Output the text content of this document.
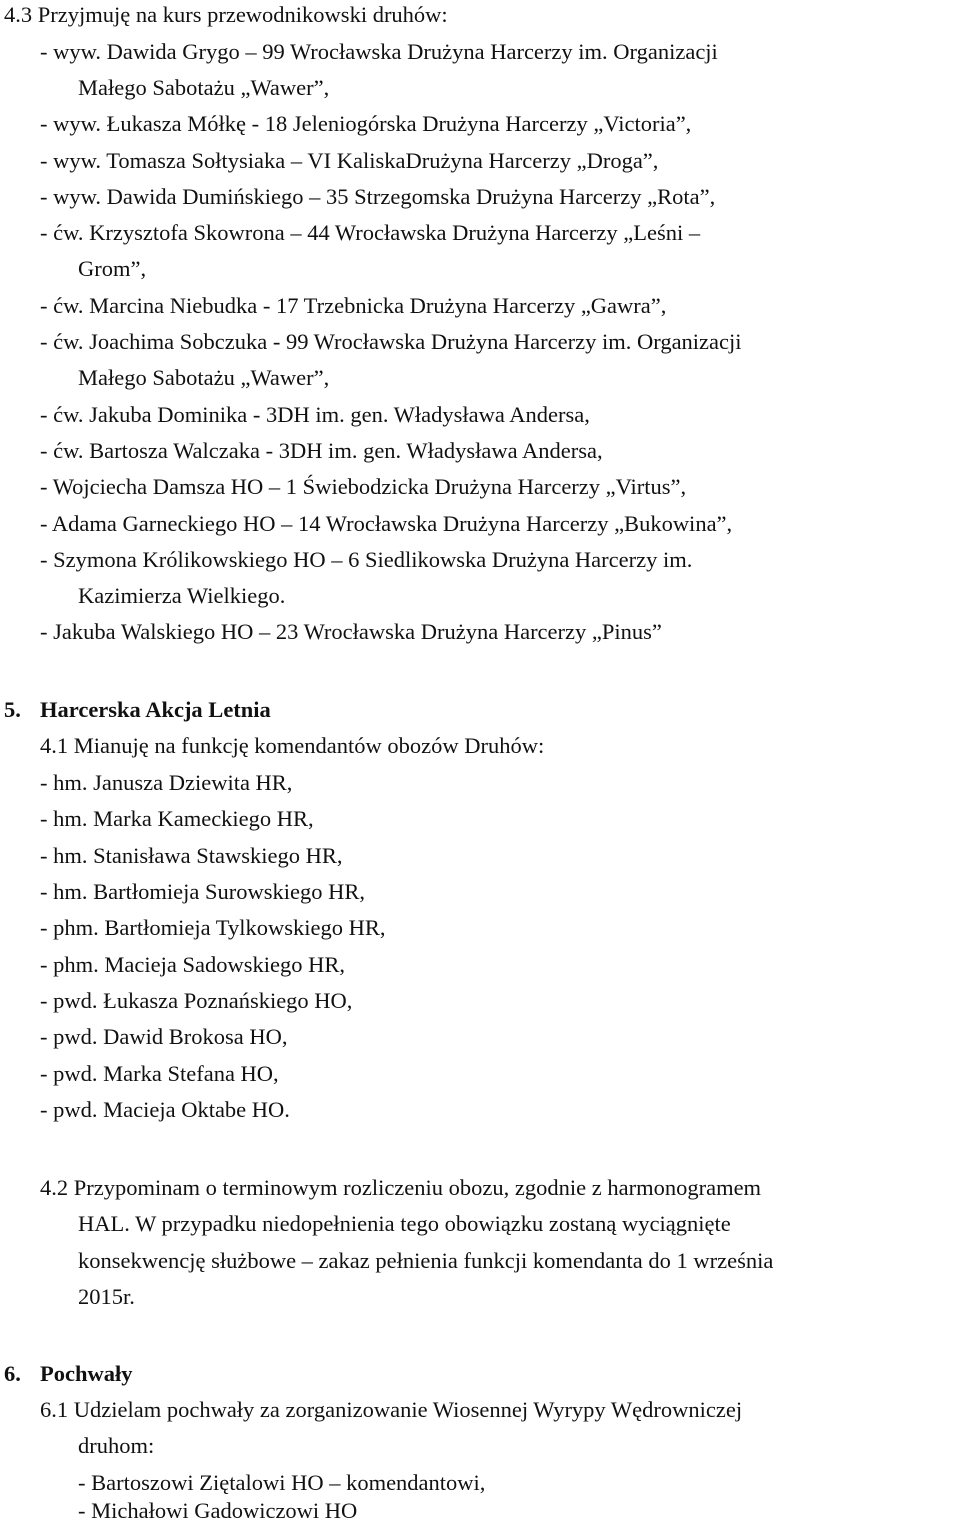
4.3 Przyjmuję na kurs przewodnikowski druhów:
- wyw. Dawida Grygo – 99 Wrocławska Drużyna Harcerzy im. Organizacji
Małego Sabotażu „Wawer”,
- wyw. Łukasza Mółkę - 18 Jeleniogórska Drużyna Harcerzy „Victoria”,
- wyw. Tomasza Sołtysiaka – VI KaliskaDrużyna Harcerzy „Droga”,
- wyw. Dawida Dumińskiego – 35 Strzegomska Drużyna Harcerzy „Rota”,
- ćw. Krzysztofa Skowrona – 44 Wrocławska Drużyna Harcerzy „Leśni –
Grom”,
- ćw. Marcina Niebudka - 17 Trzebnicka Drużyna Harcerzy „Gawra”,
- ćw. Joachima Sobczuka - 99 Wrocławska Drużyna Harcerzy im. Organizacji
Małego Sabotażu „Wawer”,
- ćw. Jakuba Dominika - 3DH im. gen. Władysława Andersa,
- ćw. Bartosza Walczaka - 3DH im. gen. Władysława Andersa,
- Wojciecha Damsza HO – 1 Świebodzicka Drużyna Harcerzy „Virtus”,
- Adama Garneckiego HO – 14 Wrocławska Drużyna Harcerzy „Bukowina”,
- Szymona Królikowskiego HO – 6 Siedlikowska Drużyna Harcerzy im.
Kazimierza Wielkiego.
- Jakuba Walskiego HO – 23 Wrocławska Drużyna Harcerzy „Pinus”
5. Harcerska Akcja Letnia
4.1 Mianuję na funkcję komendantów obozów Druhów:
- hm. Janusza Dziewita HR,
- hm. Marka Kameckiego HR,
- hm. Stanisława Stawskiego HR,
- hm. Bartłomieja Surowskiego HR,
- phm. Bartłomieja Tylkowskiego HR,
- phm. Macieja Sadowskiego HR,
- pwd. Łukasza Poznańskiego HO,
- pwd. Dawid Brokosa HO,
- pwd. Marka Stefana HO,
- pwd. Macieja Oktabe HO.
4.2 Przypominam o terminowym rozliczeniu obozu, zgodnie z harmonogramem
HAL. W przypadku niedopełnienia tego obowiązku zostaną wyciągnięte
konsekwencję służbowe – zakaz pełnienia funkcji komendanta do 1 września
2015r.
6. Pochwały
6.1 Udzielam pochwały za zorganizowanie Wiosennej Wyrypy Wędrowniczej
druhom:
- Bartoszowi Ziętalowi HO – komendantowi,
- Michałowi Gadowiczowi HO
